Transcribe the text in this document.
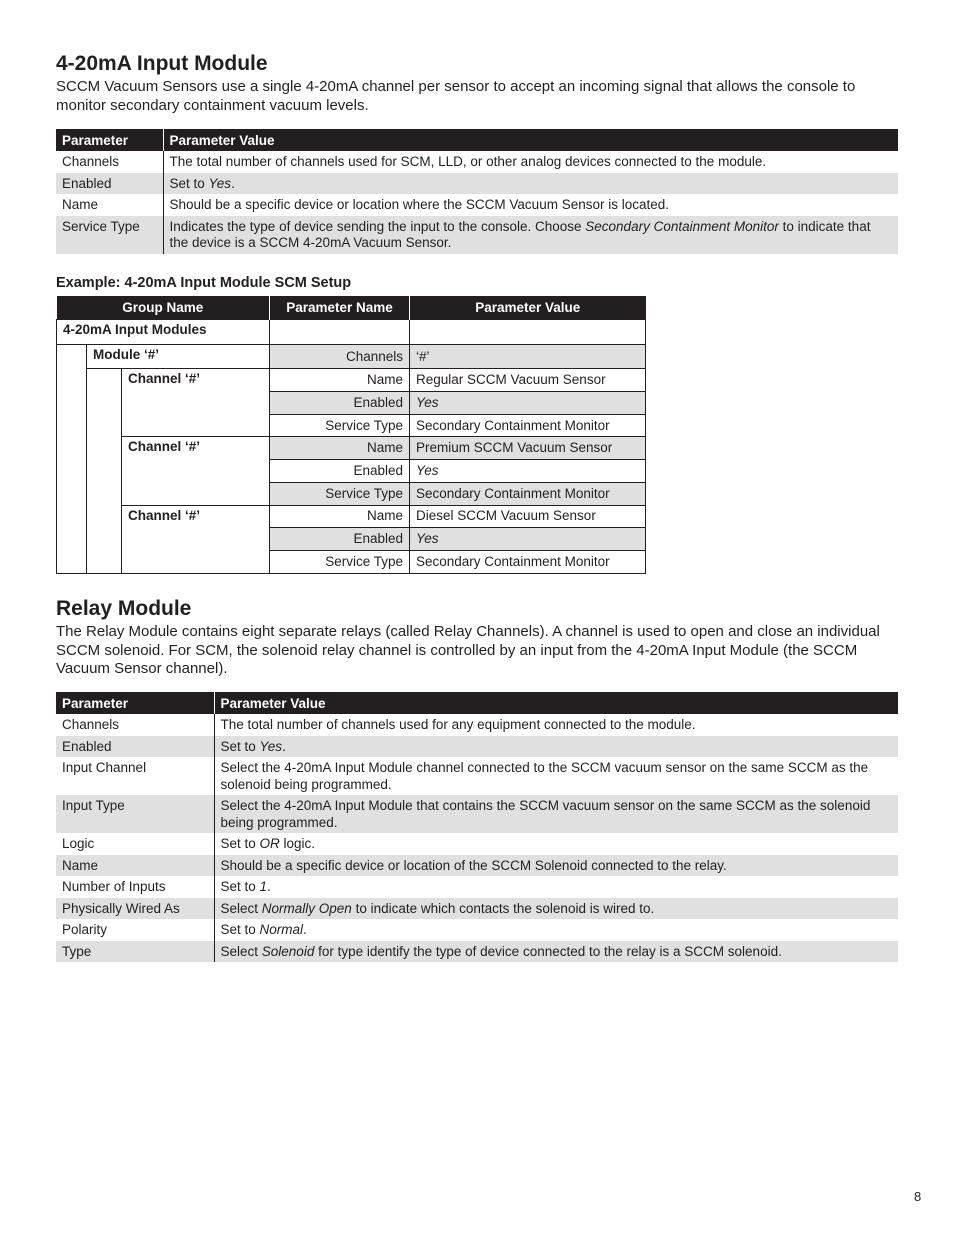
4-20mA Input Module

SCCM Vacuum Sensors use a single 4-20mA channel per sensor to accept an incoming signal that allows the console to monitor secondary containment vacuum levels.

Parameter	Parameter Value
Channels	The total number of channels used for SCM, LLD, or other analog devices connected to the module.
Enabled	Set to Yes.
Name	Should be a specific device or location where the SCCM Vacuum Sensor is located.
Service Type	Indicates the type of device sending the input to the console. Choose Secondary Containment Monitor to indicate that the device is a SCCM 4-20mA Vacuum Sensor.
Example: 4-20mA Input Module SCM Setup
Group Name			Parameter Name	Parameter Value
4-20mA Input Modules				
	Module ‘#’		Channels	‘#’
		Channel ‘#’	Name	Regular SCCM Vacuum Sensor
			Enabled	Yes
			Service Type	Secondary Containment Monitor
		Channel ‘#’	Name	Premium SCCM Vacuum Sensor
			Enabled	Yes
			Service Type	Secondary Containment Monitor
		Channel ‘#’	Name	Diesel SCCM Vacuum Sensor
			Enabled	Yes
			Service Type	Secondary Containment Monitor
Relay Module

The Relay Module contains eight separate relays (called Relay Channels). A channel is used to open and close an individual SCCM solenoid. For SCM, the solenoid relay channel is controlled by an input from the 4-20mA Input Module (the SCCM Vacuum Sensor channel).

Parameter	Parameter Value
Channels	The total number of channels used for any equipment connected to the module.
Enabled	Set to Yes.
Input Channel	Select the 4-20mA Input Module channel connected to the SCCM vacuum sensor on the same SCCM as the solenoid being programmed.
Input Type	Select the 4-20mA Input Module that contains the SCCM vacuum sensor on the same SCCM as the solenoid being programmed.
Logic	Set to OR logic.
Name	Should be a specific device or location of the SCCM Solenoid connected to the relay.
Number of Inputs	Set to 1.
Physically Wired As	Select Normally Open to indicate which contacts the solenoid is wired to.
Polarity	Set to Normal.
Type	Select Solenoid for type identify the type of device connected to the relay is a SCCM solenoid.
8
